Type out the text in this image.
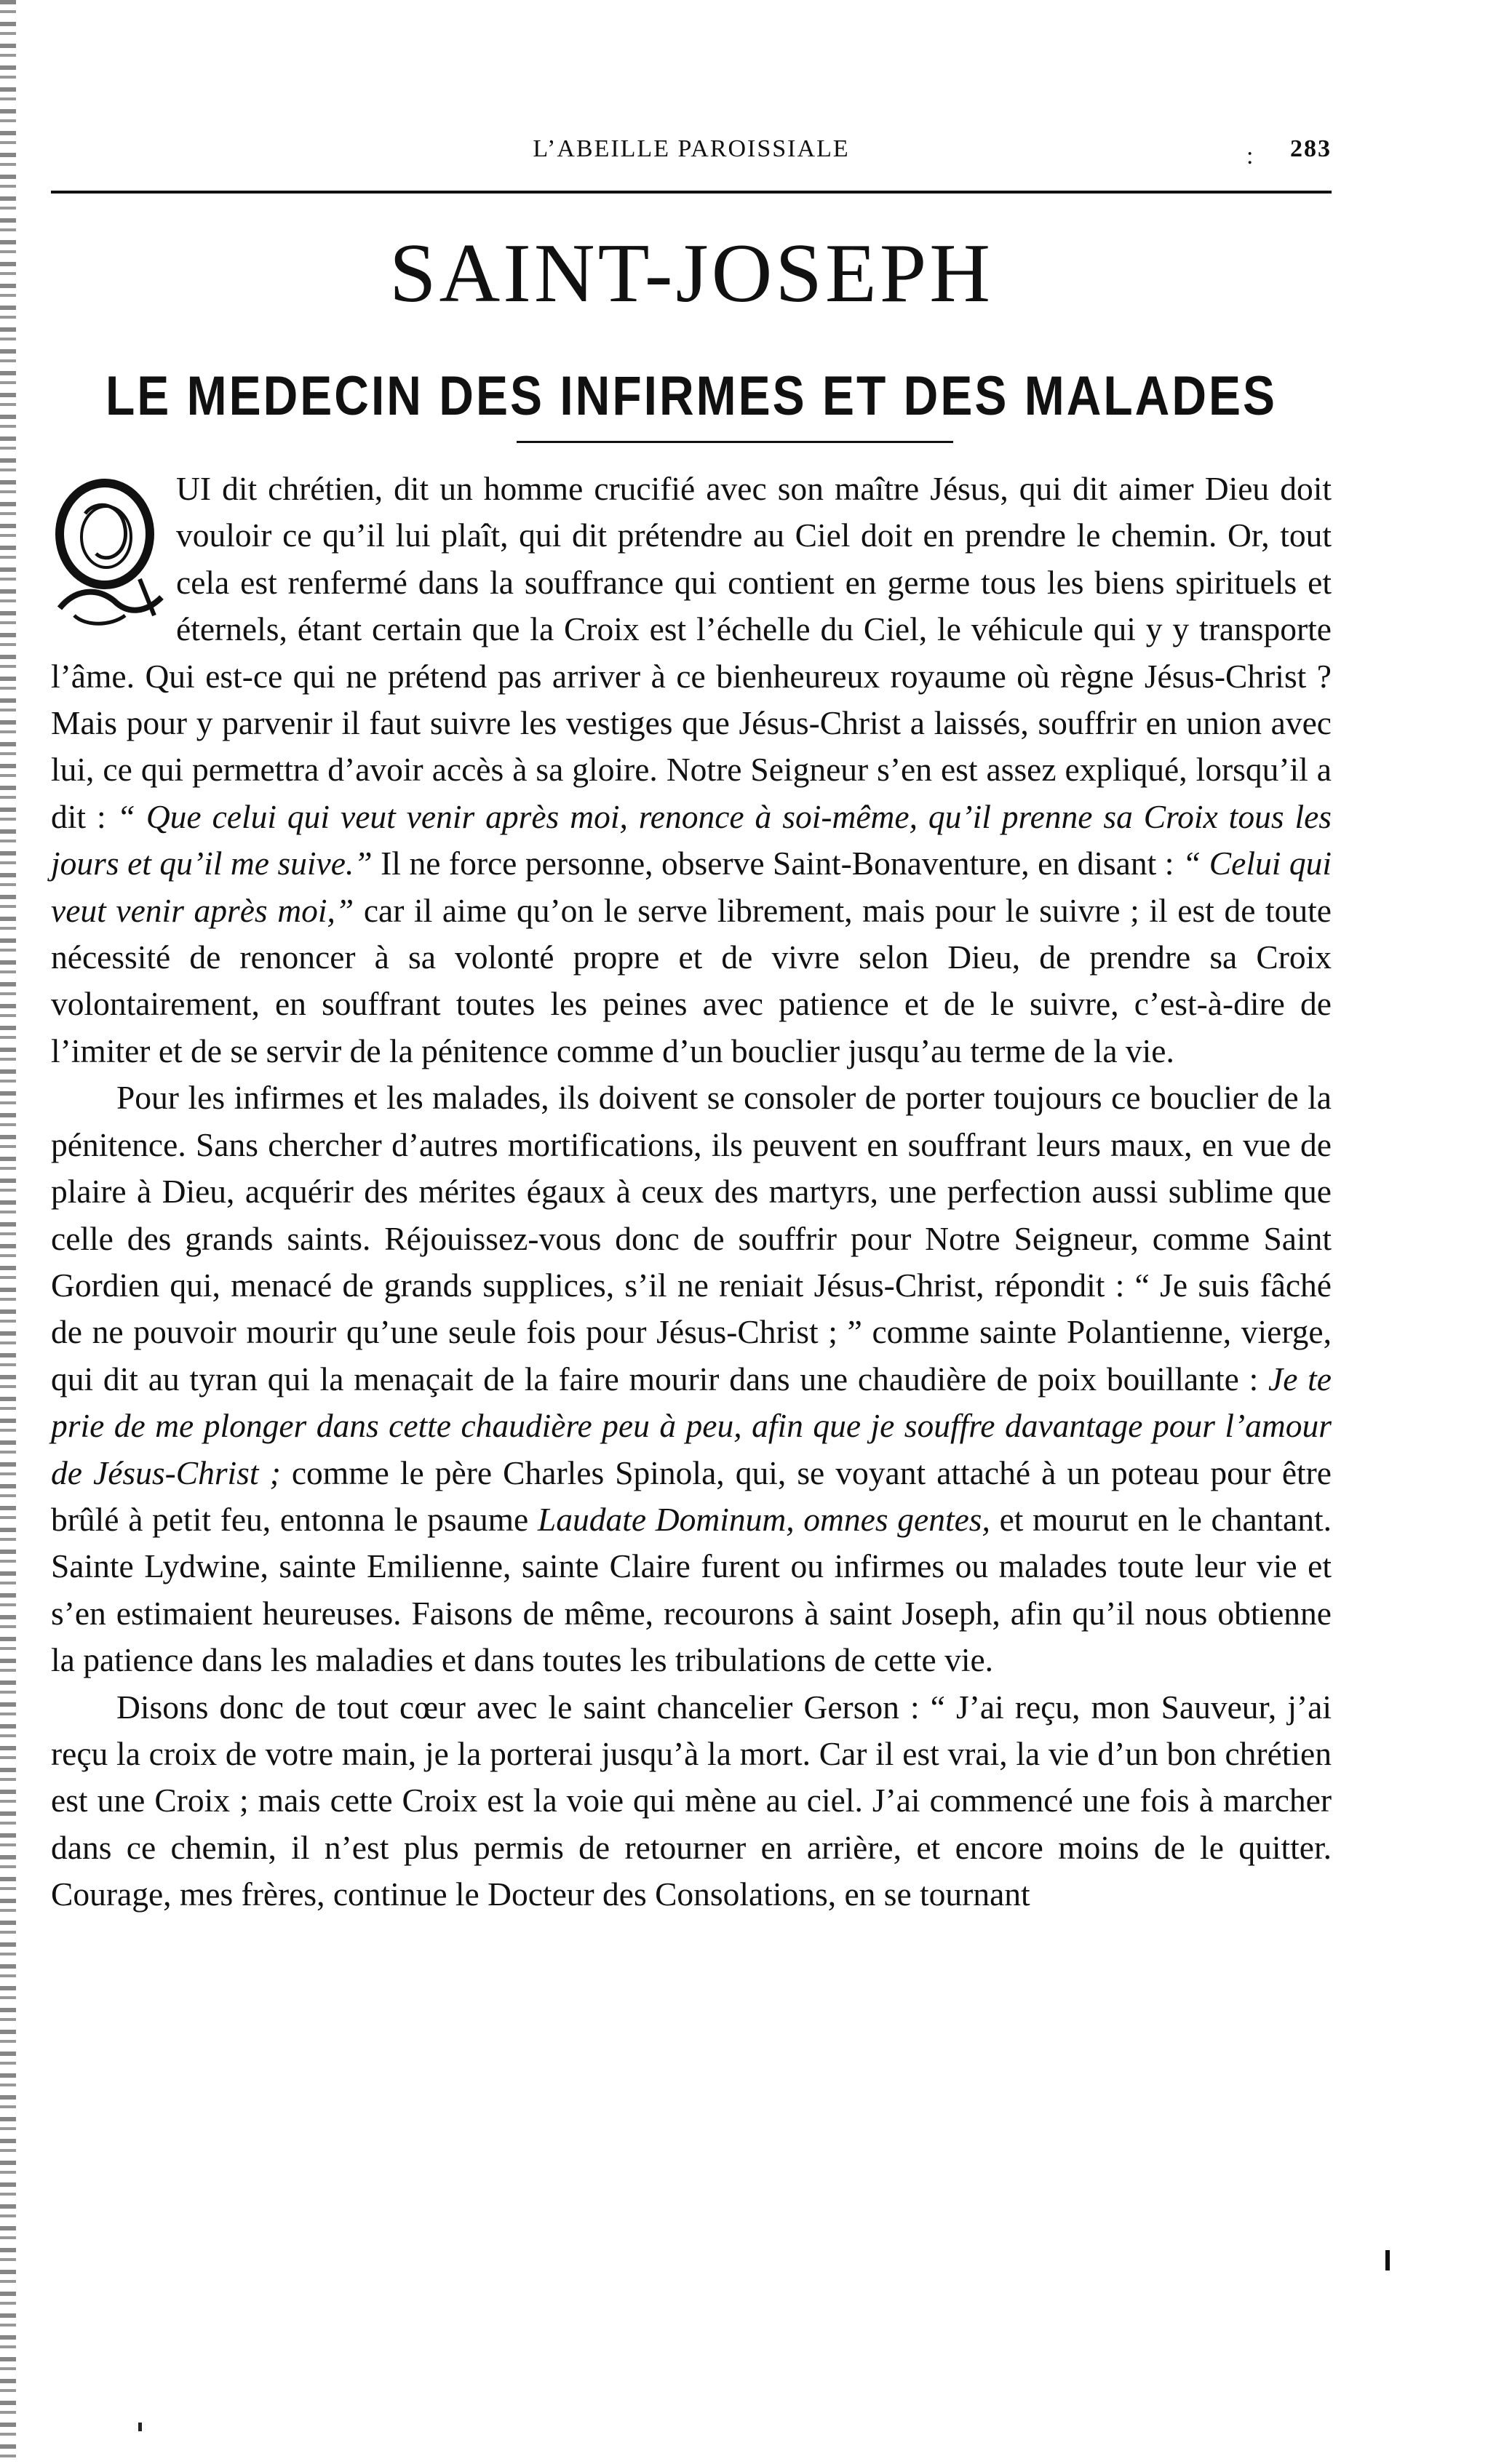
L’ABEILLE PAROISSIALE	283
:
SAINT-JOSEPH
LE MEDECIN DES INFIRMES ET DES MALADES

UI dit chrétien, dit un homme crucifié avec son maître Jésus, qui dit aimer Dieu doit vouloir ce qu’il lui plaît, qui dit prétendre au Ciel doit en prendre le chemin. Or, tout cela est renfermé dans la souffrance qui contient en germe tous les biens spirituels et éternels, étant certain que la Croix est l’échelle du Ciel, le véhicule qui y y transporte l’âme. Qui est-ce qui ne prétend pas arriver à ce bienheureux royaume où règne Jésus-Christ ? Mais pour y parvenir il faut suivre les vestiges que Jésus-Christ a laissés, souffrir en union avec lui, ce qui permettra d’avoir accès à sa gloire. Notre Seigneur s’en est assez expliqué, lorsqu’il a dit : “ Que celui qui veut venir après moi, renonce à soi-même, qu’il prenne sa Croix tous les jours et qu’il me suive.” Il ne force personne, observe Saint-Bonaventure, en disant : “ Celui qui veut venir après moi,” car il aime qu’on le serve librement, mais pour le suivre ; il est de toute nécessité de renoncer à sa volonté propre et de vivre selon Dieu, de prendre sa Croix volontairement, en souffrant toutes les peines avec patience et de le suivre, c’est-à-dire de l’imiter et de se servir de la pénitence comme d’un bouclier jusqu’au terme de la vie.

Pour les infirmes et les malades, ils doivent se consoler de porter toujours ce bouclier de la pénitence. Sans chercher d’autres mortifications, ils peuvent en souffrant leurs maux, en vue de plaire à Dieu, acquérir des mérites égaux à ceux des martyrs, une perfection aussi sublime que celle des grands saints. Réjouissez-vous donc de souffrir pour Notre Seigneur, comme Saint Gordien qui, menacé de grands supplices, s’il ne reniait Jésus-Christ, répondit : “ Je suis fâché de ne pouvoir mourir qu’une seule fois pour Jésus-Christ ; ” comme sainte Polantienne, vierge, qui dit au tyran qui la menaçait de la faire mourir dans une chaudière de poix bouillante : Je te prie de me plonger dans cette chaudière peu à peu, afin que je souffre davantage pour l’amour de Jésus-Christ ; comme le père Charles Spinola, qui, se voyant attaché à un poteau pour être brûlé à petit feu, entonna le psaume Laudate Dominum, omnes gentes, et mourut en le chantant. Sainte Lydwine, sainte Emilienne, sainte Claire furent ou infirmes ou malades toute leur vie et s’en estimaient heureuses. Faisons de même, recourons à saint Joseph, afin qu’il nous obtienne la patience dans les maladies et dans toutes les tribulations de cette vie.

Disons donc de tout cœur avec le saint chancelier Gerson : “ J’ai reçu, mon Sauveur, j’ai reçu la croix de votre main, je la porterai jusqu’à la mort. Car il est vrai, la vie d’un bon chrétien est une Croix ; mais cette Croix est la voie qui mène au ciel. J’ai commencé une fois à marcher dans ce chemin, il n’est plus permis de retourner en arrière, et encore moins de le quitter. Courage, mes frères, continue le Docteur des Consolations, en se tournant
